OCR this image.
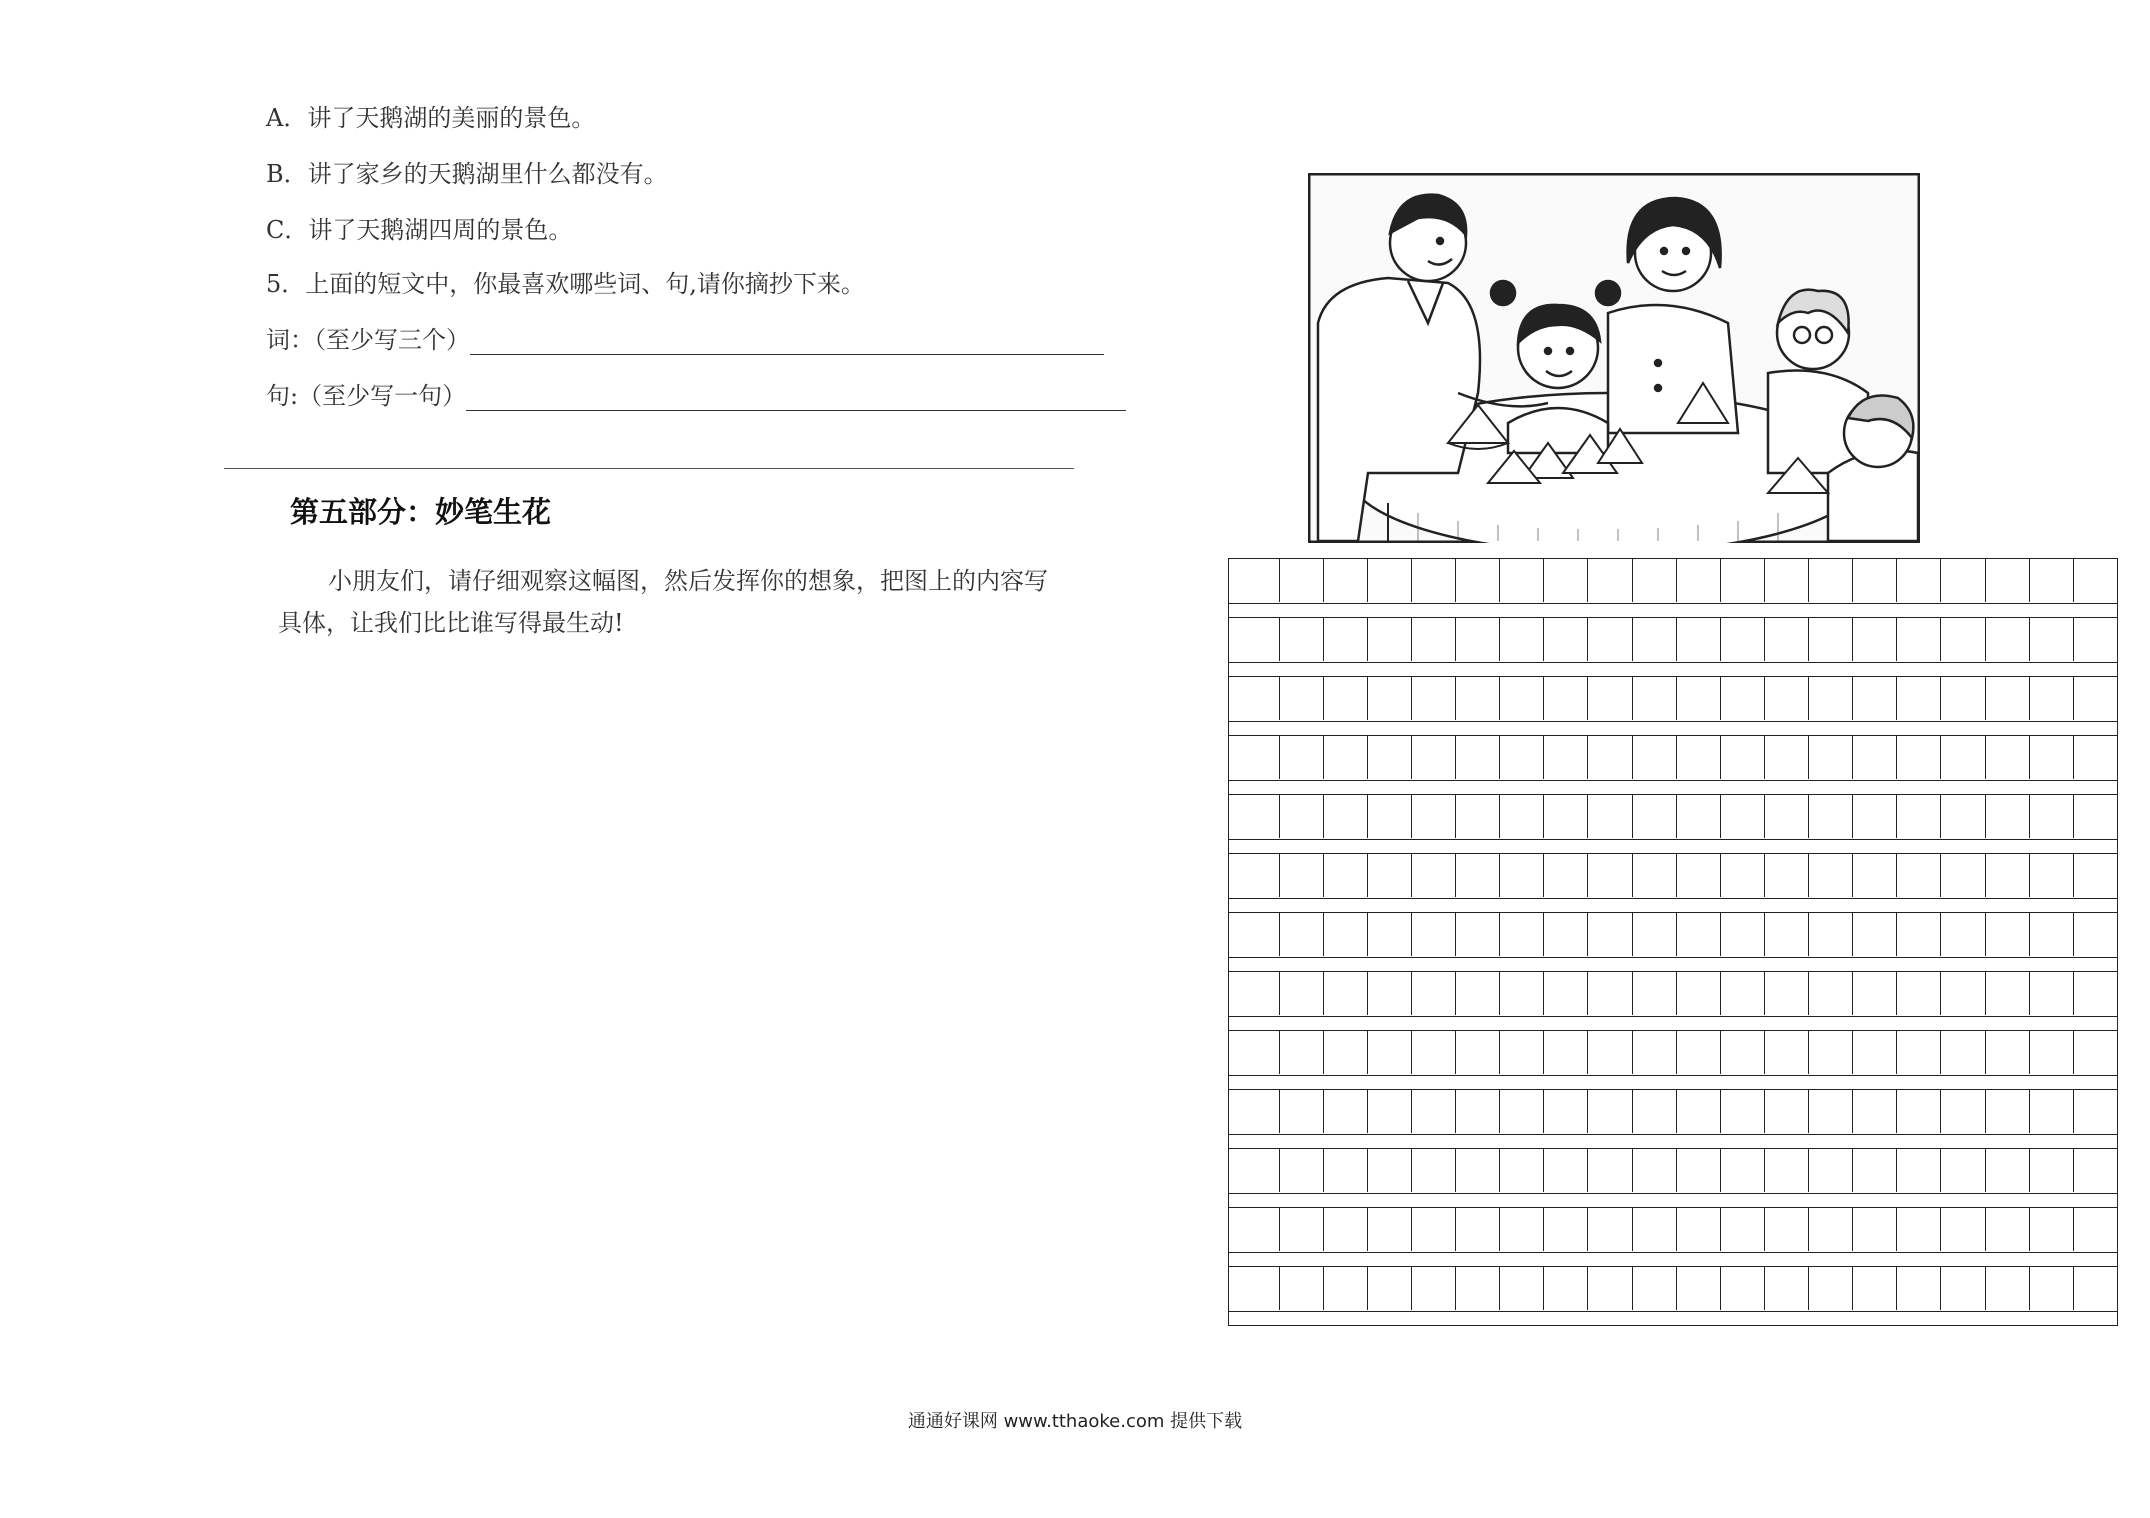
A．讲了天鹅湖的美丽的景色。
B．讲了家乡的天鹅湖里什么都没有。
C．讲了天鹅湖四周的景色。
5．上面的短文中，你最喜欢哪些词、句,请你摘抄下来。
词：（至少写三个）
句:（至少写一句）
第五部分：妙笔生花
小朋友们，请仔细观察这幅图，然后发挥你的想象，把图上的内容写具体，让我们比比谁写得最生动!
通通好课网 www.tthaoke.com 提供下载
